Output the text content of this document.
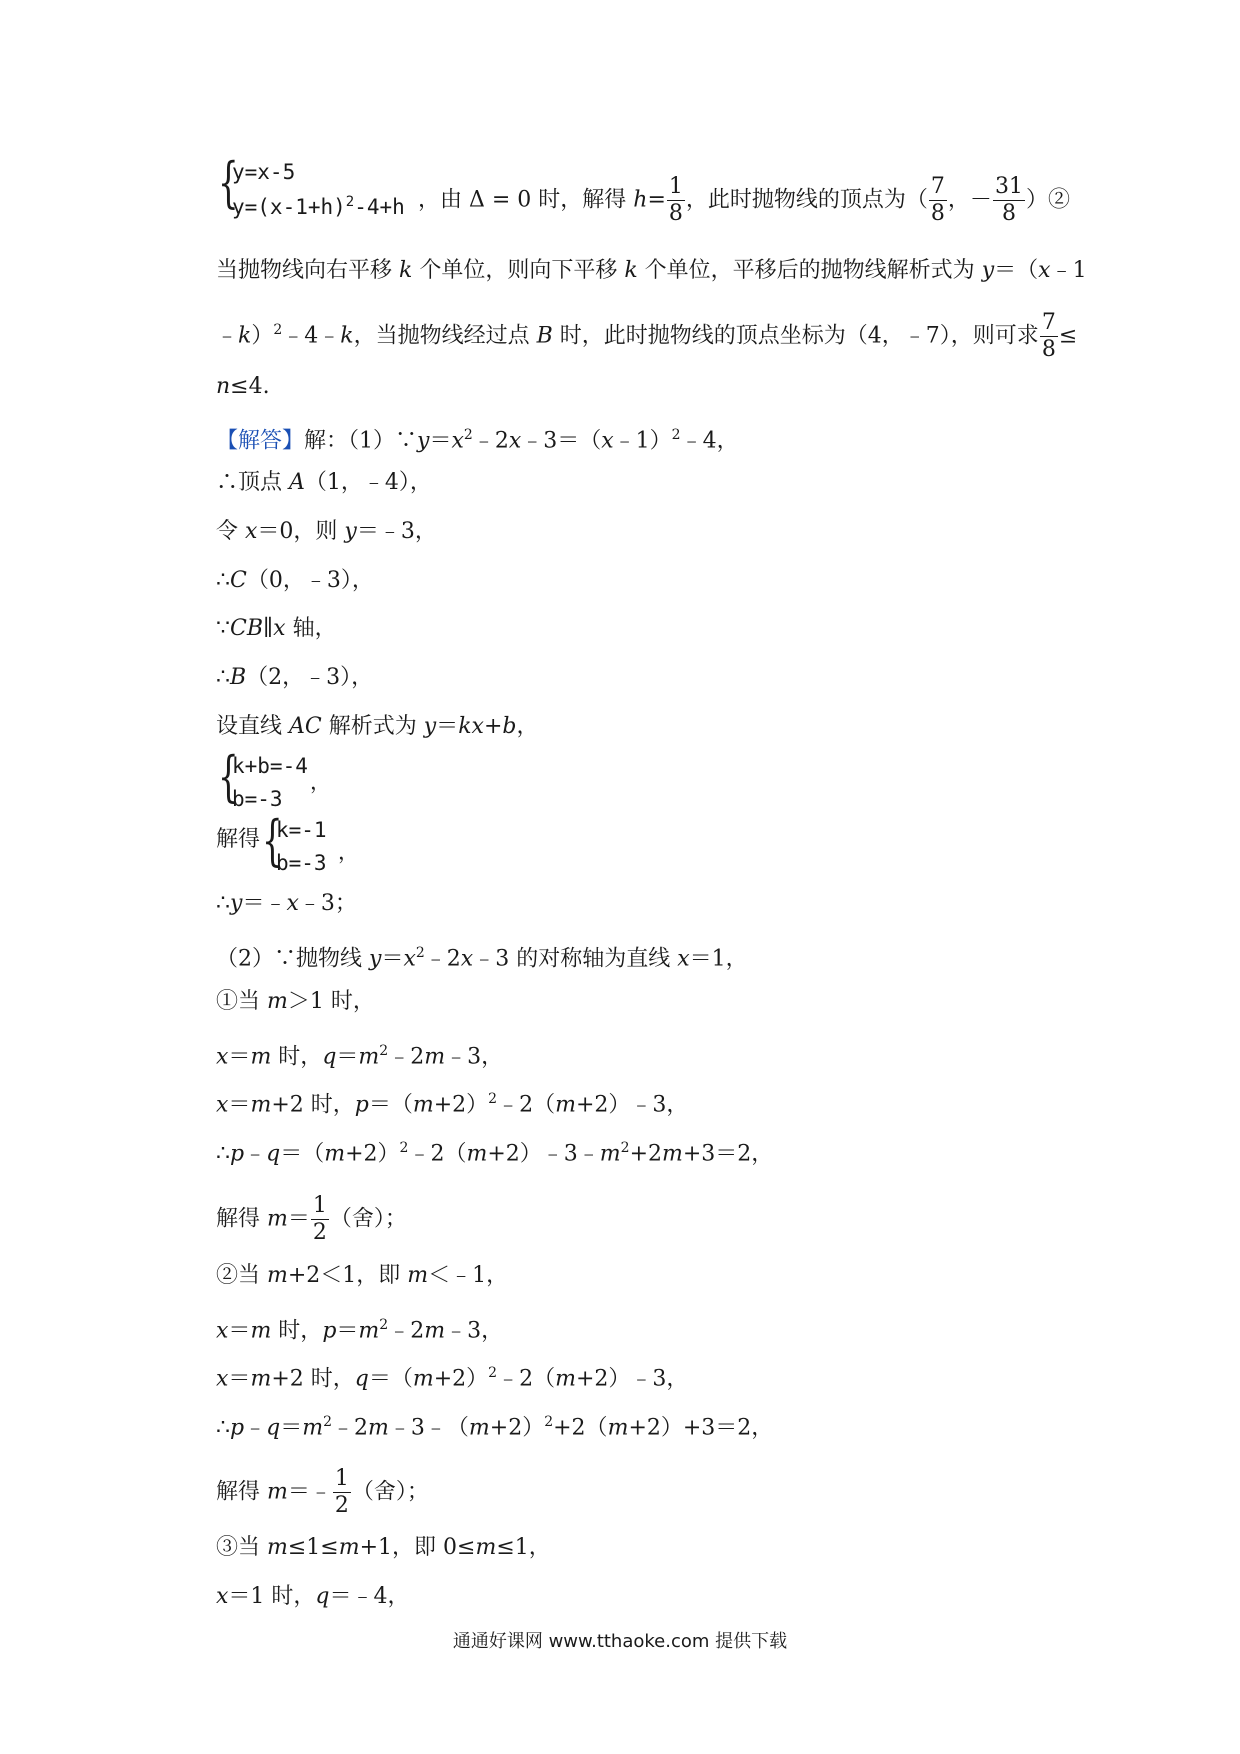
{
y=x-5
$y=(x-1+h)^2-4+h$ ，由 Δ = 0 时，解得 $h= \frac{1}{8}$ ，此时抛物线的顶点为（ $\frac{7}{8}$ ，－ $\frac{31}{8}$ ）②
当抛物线向右平移 k 个单位，则向下平移 k 个单位，平移后的抛物线解析式为 y＝（x﹣1
﹣k）$^2$﹣4﹣k，当抛物线经过点 B 时，此时抛物线的顶点坐标为（4，﹣7），则可求 $\frac{7}{8}$ ≤
n≤4.
【解答】解：$(1)\because y=x^2﹣2x﹣3=(x﹣1)^2﹣4$，
∴顶点 A（1，﹣4），
令 x＝0，则 y＝﹣3，
∴C（0，﹣3），
∵CB∥x 轴，
∴B（2，﹣3），
设直线 AC 解析式为 y＝kx+b，
{
k+b=-4
b=-3
，
解得 {
k=-1
b=-3 ，
∴y＝﹣x﹣3；
（2）∵抛物线 $y=x^2﹣2x﹣3$ 的对称轴为直线 x＝1，
①当 m＞1 时，
x＝m 时，$q=m^2﹣2m﹣3$，
x＝m+2 时，$p=(m+2)^2﹣2(m+2)﹣3$，
$\therefore p﹣q=(m+2)^2﹣2(m+2)﹣3﹣m^2+2m+3=2$，
解得 $m= \frac{1}{2}$ （舍）；
②当 m+2＜1，即 m＜﹣1，
x＝m 时，$p=m^2﹣2m﹣3$，
x＝m+2 时，$q=(m+2)^2﹣2(m+2)﹣3$，
$\therefore p﹣q=m^2﹣2m﹣3﹣(m+2)^2+2(m+2)+3=2$，
解得 m＝﹣ $\frac{1}{2}$ （舍）；
③当 m≤1≤m+1，即 0≤m≤1，
x＝1 时，q＝﹣4，
通通好课网 www.tthaoke.com 提供下载
